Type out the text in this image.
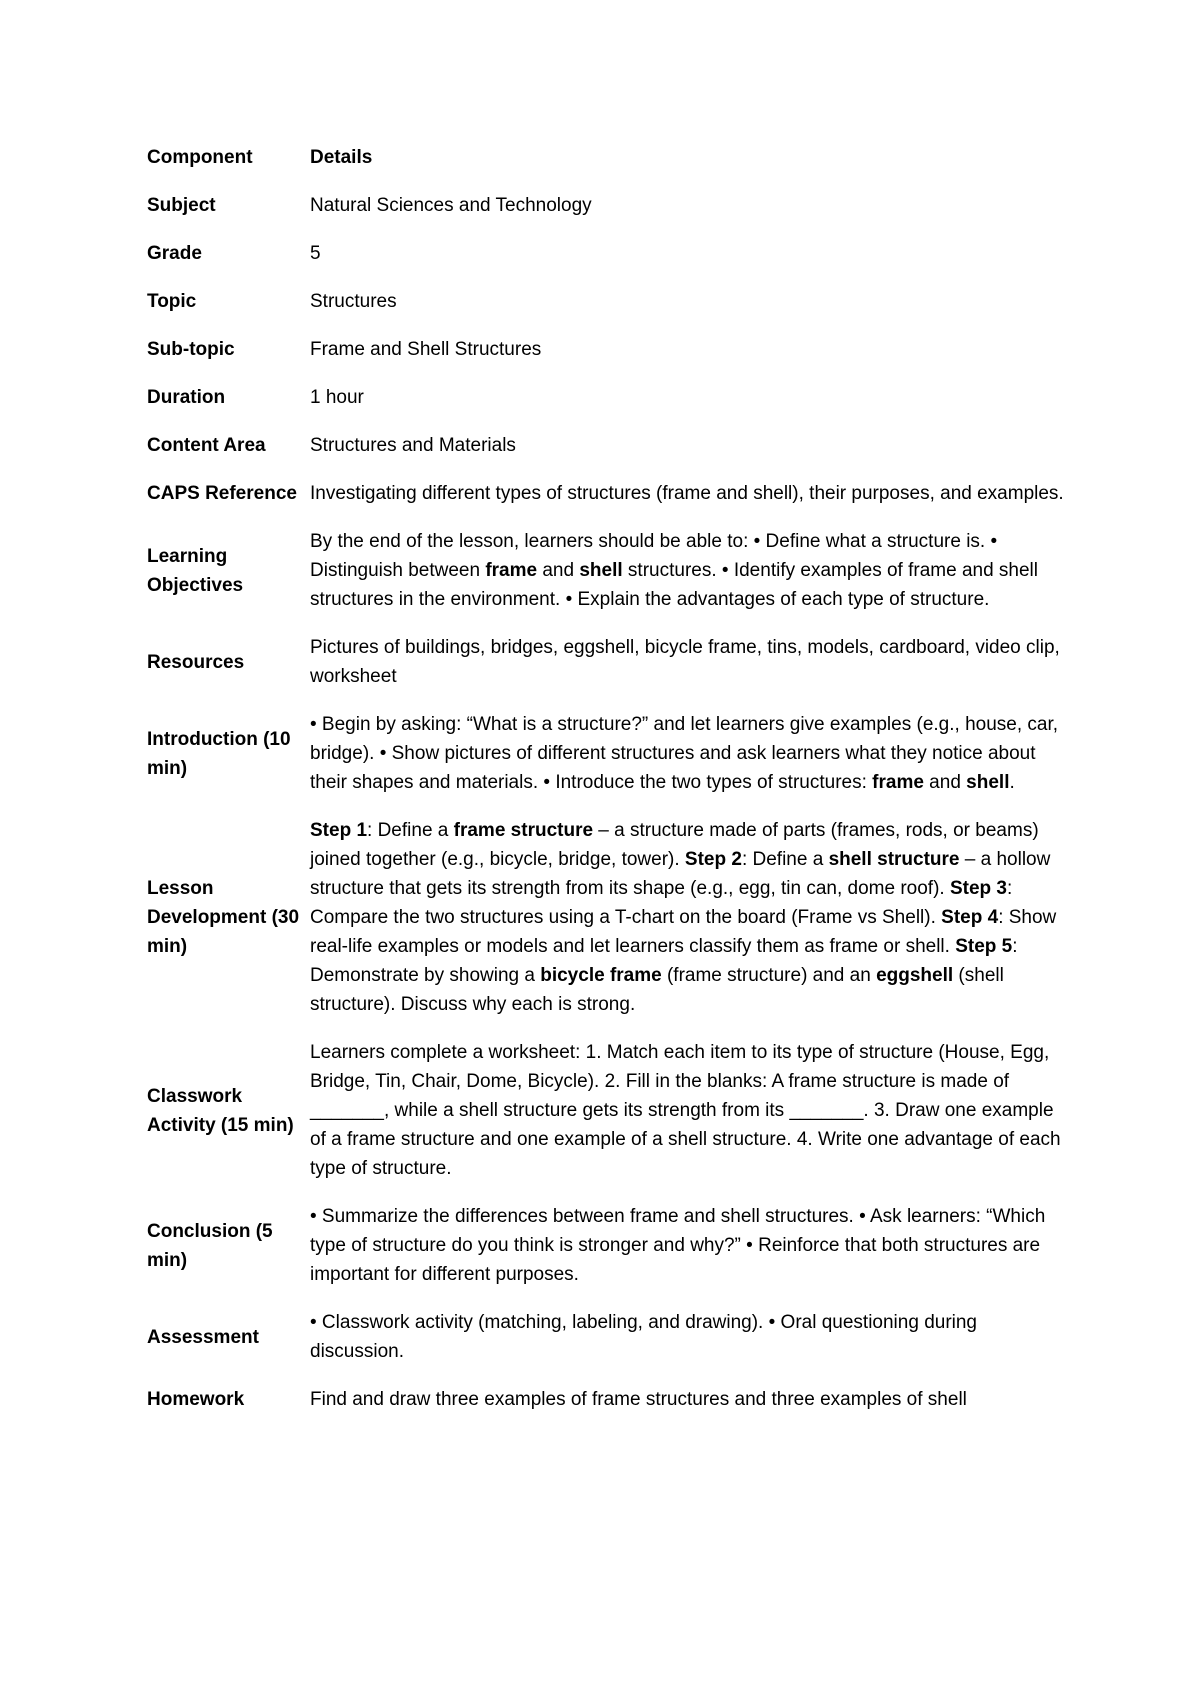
Component	Details
Subject	Natural Sciences and Technology
Grade	5
Topic	Structures
Sub-topic	Frame and Shell Structures
Duration	1 hour
Content Area	Structures and Materials
CAPS Reference	Investigating different types of structures (frame and shell), their purposes, and examples.
Learning Objectives	By the end of the lesson, learners should be able to: • Define what a structure is. • Distinguish between frame and shell structures. • Identify examples of frame and shell structures in the environment. • Explain the advantages of each type of structure.
Resources	Pictures of buildings, bridges, eggshell, bicycle frame, tins, models, cardboard, video clip, worksheet
Introduction (10 min)	• Begin by asking: “What is a structure?” and let learners give examples (e.g., house, car, bridge). • Show pictures of different structures and ask learners what they notice about their shapes and materials. • Introduce the two types of structures: frame and shell.
Lesson Development (30 min)	Step 1: Define a frame structure – a structure made of parts (frames, rods, or beams) joined together (e.g., bicycle, bridge, tower). Step 2: Define a shell structure – a hollow structure that gets its strength from its shape (e.g., egg, tin can, dome roof). Step 3: Compare the two structures using a T-chart on the board (Frame vs Shell). Step 4: Show real-life examples or models and let learners classify them as frame or shell. Step 5: Demonstrate by showing a bicycle frame (frame structure) and an eggshell (shell structure). Discuss why each is strong.
Classwork Activity (15 min)	Learners complete a worksheet: 1. Match each item to its type of structure (House, Egg, Bridge, Tin, Chair, Dome, Bicycle). 2. Fill in the blanks: A frame structure is made of _______, while a shell structure gets its strength from its _______. 3. Draw one example of a frame structure and one example of a shell structure. 4. Write one advantage of each type of structure.
Conclusion (5 min)	• Summarize the differences between frame and shell structures. • Ask learners: “Which type of structure do you think is stronger and why?” • Reinforce that both structures are important for different purposes.
Assessment	• Classwork activity (matching, labeling, and drawing). • Oral questioning during discussion.
Homework	Find and draw three examples of frame structures and three examples of shell
